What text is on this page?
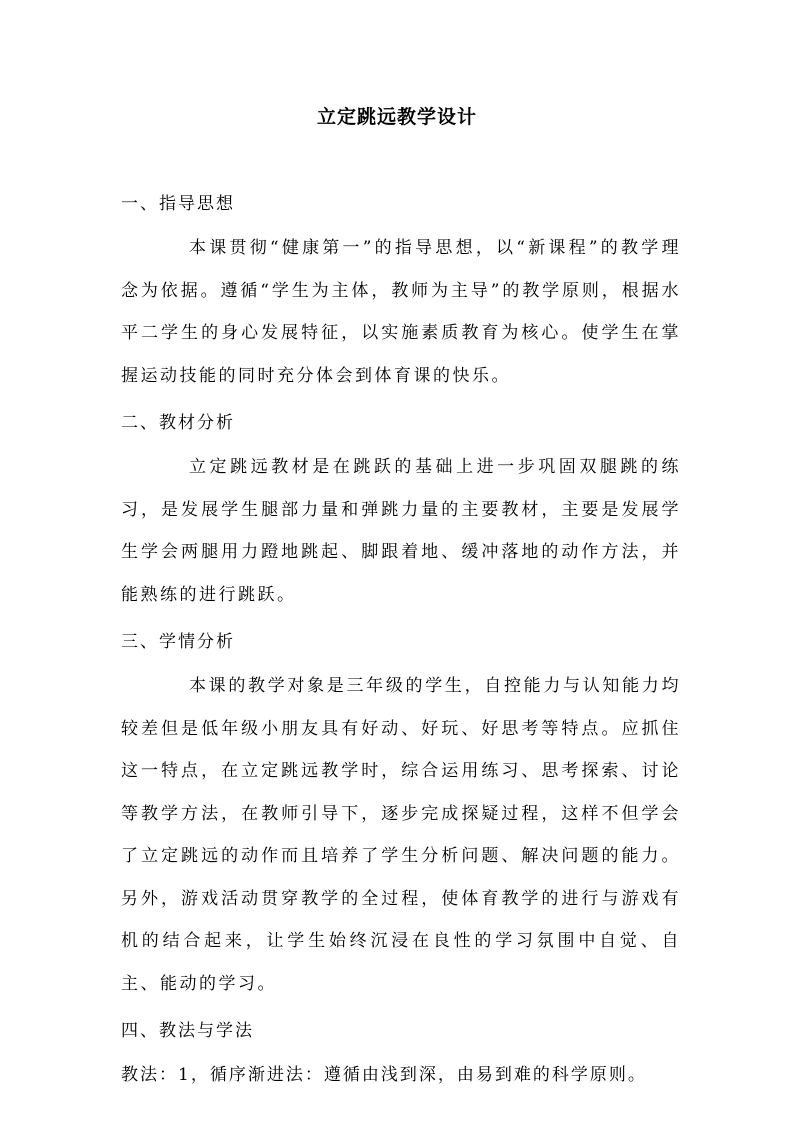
立定跳远教学设计
一、指导思想

本课贯彻“健康第一”的指导思想，以“新课程”的教学理念为依据。遵循“学生为主体，教师为主导”的教学原则，根据水平二学生的身心发展特征，以实施素质教育为核心。使学生在掌握运动技能的同时充分体会到体育课的快乐。

二、教材分析

立定跳远教材是在跳跃的基础上进一步巩固双腿跳的练习，是发展学生腿部力量和弹跳力量的主要教材，主要是发展学生学会两腿用力蹬地跳起、脚跟着地、缓冲落地的动作方法，并能熟练的进行跳跃。

三、学情分析

本课的教学对象是三年级的学生，自控能力与认知能力均较差但是低年级小朋友具有好动、好玩、好思考等特点。应抓住这一特点，在立定跳远教学时，综合运用练习、思考探索、讨论等教学方法，在教师引导下，逐步完成探疑过程，这样不但学会了立定跳远的动作而且培养了学生分析问题、解决问题的能力。另外，游戏活动贯穿教学的全过程，使体育教学的进行与游戏有机的结合起来，让学生始终沉浸在良性的学习氛围中自觉、自主、能动的学习。

四、教法与学法
教法：1，循序渐进法：遵循由浅到深，由易到难的科学原则。
